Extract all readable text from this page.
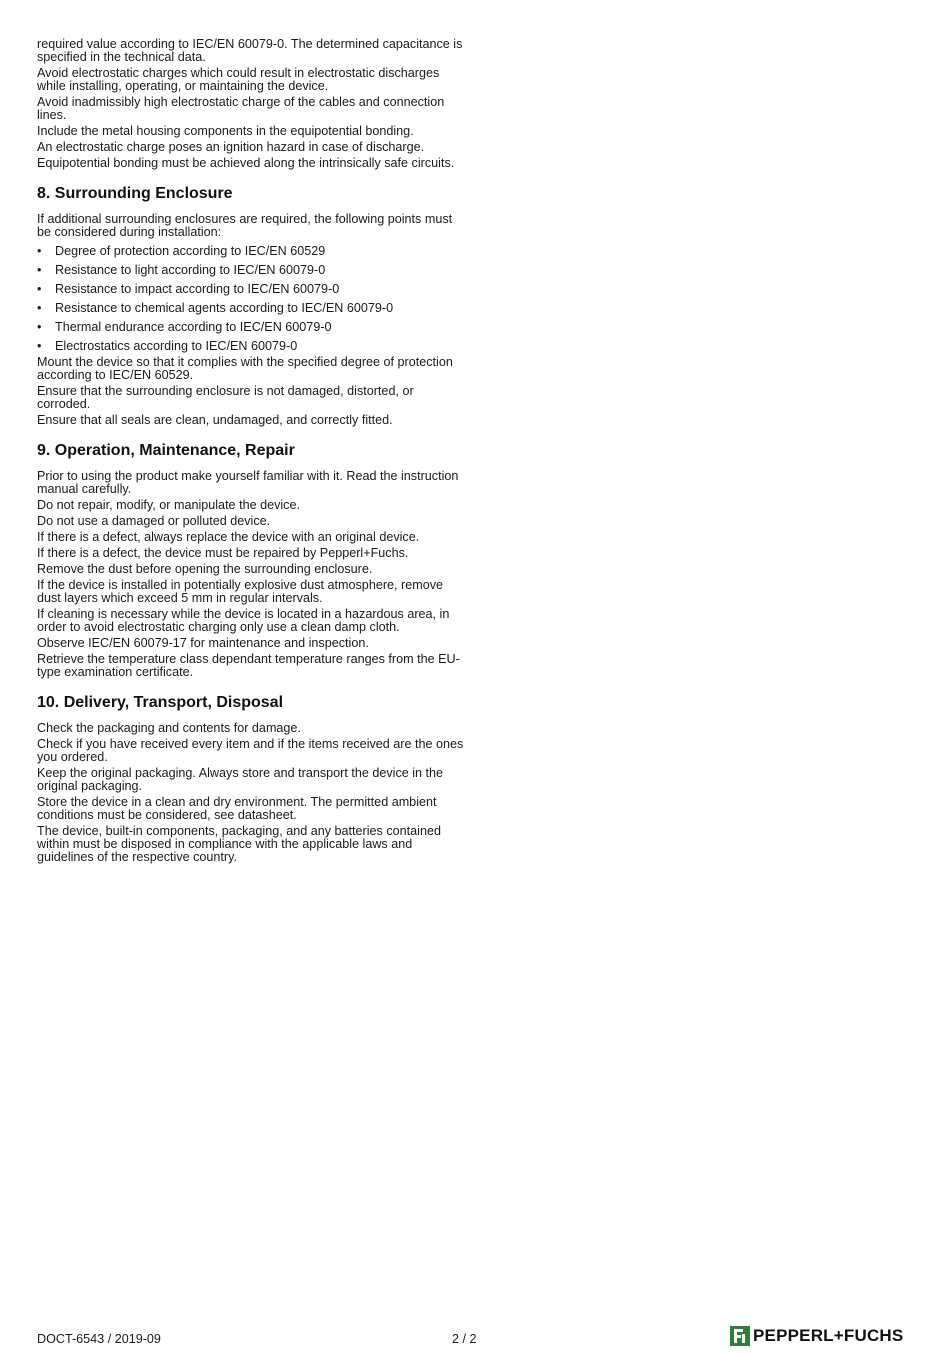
required value according to IEC/EN 60079-0. The determined capacitance is specified in the technical data.

Avoid electrostatic charges which could result in electrostatic discharges while installing, operating, or maintaining the device.

Avoid inadmissibly high electrostatic charge of the cables and connection lines.

Include the metal housing components in the equipotential bonding.

An electrostatic charge poses an ignition hazard in case of discharge.

Equipotential bonding must be achieved along the intrinsically safe circuits.

8. Surrounding Enclosure

If additional surrounding enclosures are required, the following points must be considered during installation:

• Degree of protection according to IEC/EN 60529
• Resistance to light according to IEC/EN 60079-0
• Resistance to impact according to IEC/EN 60079-0
• Resistance to chemical agents according to IEC/EN 60079-0
• Thermal endurance according to IEC/EN 60079-0
• Electrostatics according to IEC/EN 60079-0

Mount the device so that it complies with the specified degree of protection according to IEC/EN 60529.

Ensure that the surrounding enclosure is not damaged, distorted, or corroded.

Ensure that all seals are clean, undamaged, and correctly fitted.

9. Operation, Maintenance, Repair

Prior to using the product make yourself familiar with it. Read the instruction manual carefully.

Do not repair, modify, or manipulate the device.

Do not use a damaged or polluted device.

If there is a defect, always replace the device with an original device.

If there is a defect, the device must be repaired by Pepperl+Fuchs.

Remove the dust before opening the surrounding enclosure.

If the device is installed in potentially explosive dust atmosphere, remove dust layers which exceed 5 mm in regular intervals.

If cleaning is necessary while the device is located in a hazardous area, in order to avoid electrostatic charging only use a clean damp cloth.

Observe IEC/EN 60079-17 for maintenance and inspection.

Retrieve the temperature class dependant temperature ranges from the EU-type examination certificate.

10. Delivery, Transport, Disposal

Check the packaging and contents for damage.

Check if you have received every item and if the items received are the ones you ordered.

Keep the original packaging. Always store and transport the device in the original packaging.

Store the device in a clean and dry environment. The permitted ambient conditions must be considered, see datasheet.

The device, built-in components, packaging, and any batteries contained within must be disposed in compliance with the applicable laws and guidelines of the respective country.

DOCT-6543 / 2019-09	2 / 2	PEPPERL+FUCHS
